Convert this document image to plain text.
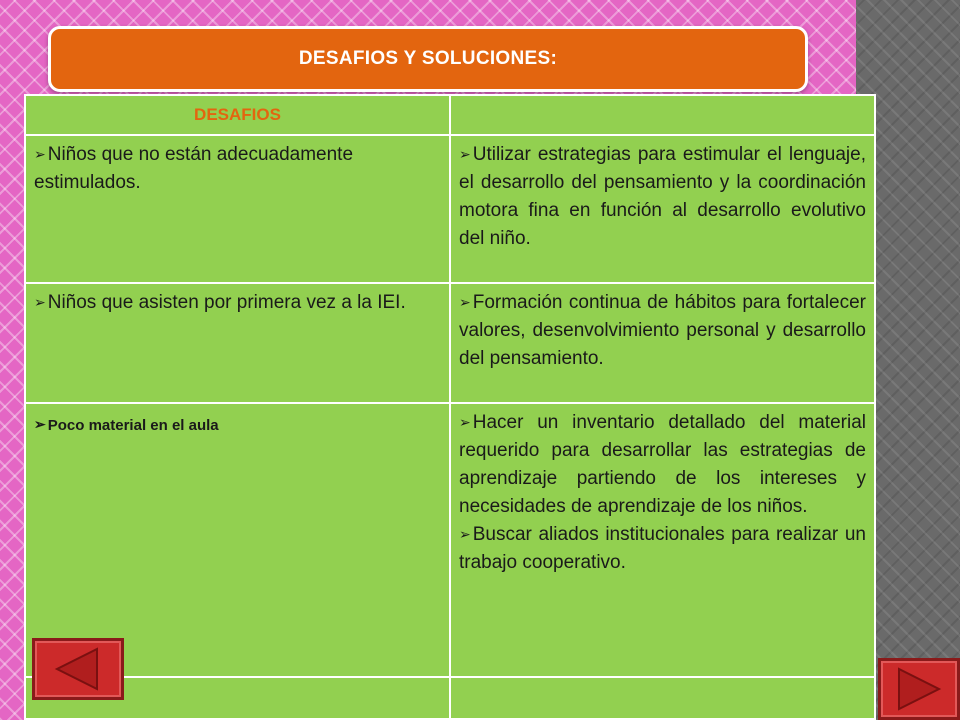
DESAFIOS Y SOLUCIONES:
DESAFIOS	

➢ Niños que no están adecuadamente estimulados.	➢ Utilizar estrategias para estimular el lenguaje, el desarrollo del pensamiento y la coordinación motora fina en función al desarrollo evolutivo del niño.

➢ Niños que asisten por primera vez a la IEI.	➢ Formación continua de hábitos para fortalecer valores, desenvolvimiento personal y desarrollo del pensamiento.

➢ Poco material en el aula	➢ Hacer un inventario detallado del material requerido para desarrollar las estrategias de aprendizaje partiendo de los intereses y necesidades de aprendizaje de los niños.
➢ Buscar aliados institucionales para realizar un trabajo cooperativo.
